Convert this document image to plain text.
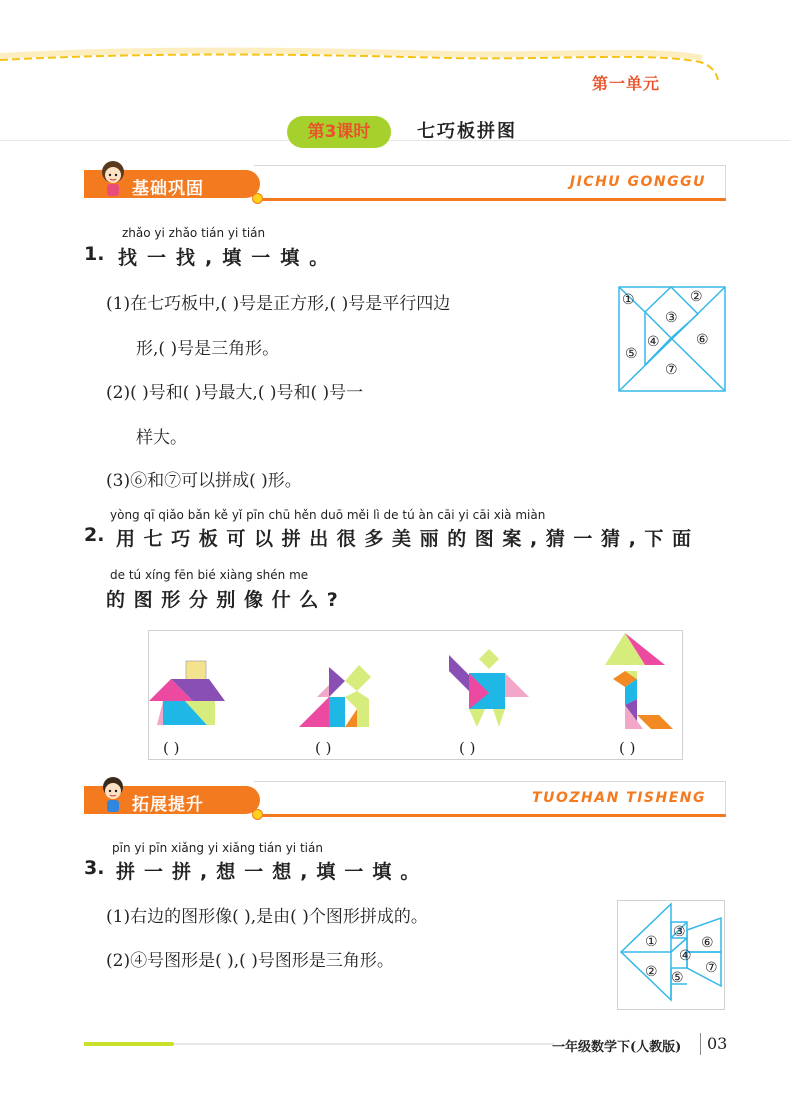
第一单元
第3课时	七巧板拼图
基础巩固	JICHU GONGGU
zhǎo yi zhǎo tián yi tián
1. 找一找,填一填。
(1)在七巧板中,( )号是正方形,( )号是平行四边
形,( )号是三角形。
(2)( )号和( )号最大,( )号和( )号一
样大。
(3)⑥和⑦可以拼成( )形。
①	②
③
④
⑤
⑥
⑦
yòng qī qiǎo bǎn kě yǐ pīn chū hěn duō měi lì de tú àn cāi yi cāi xià miàn
2. 用七巧板可以拼出很多美丽的图案,猜一猜,下面
de tú xíng fēn bié xiàng shén me
的图形分别像什么?
( )	( )	( )	( )
拓展提升	TUOZHAN TISHENG
pīn yi pīn xiǎng yi xiǎng tián yi tián
3. 拼一拼,想一想,填一填。
(1)右边的图形像( ),是由( )个图形拼成的。
(2)④号图形是( ),( )号图形是三角形。
①
②
③
④
⑤
⑥
⑦
一年级数学下(人教版) 03
